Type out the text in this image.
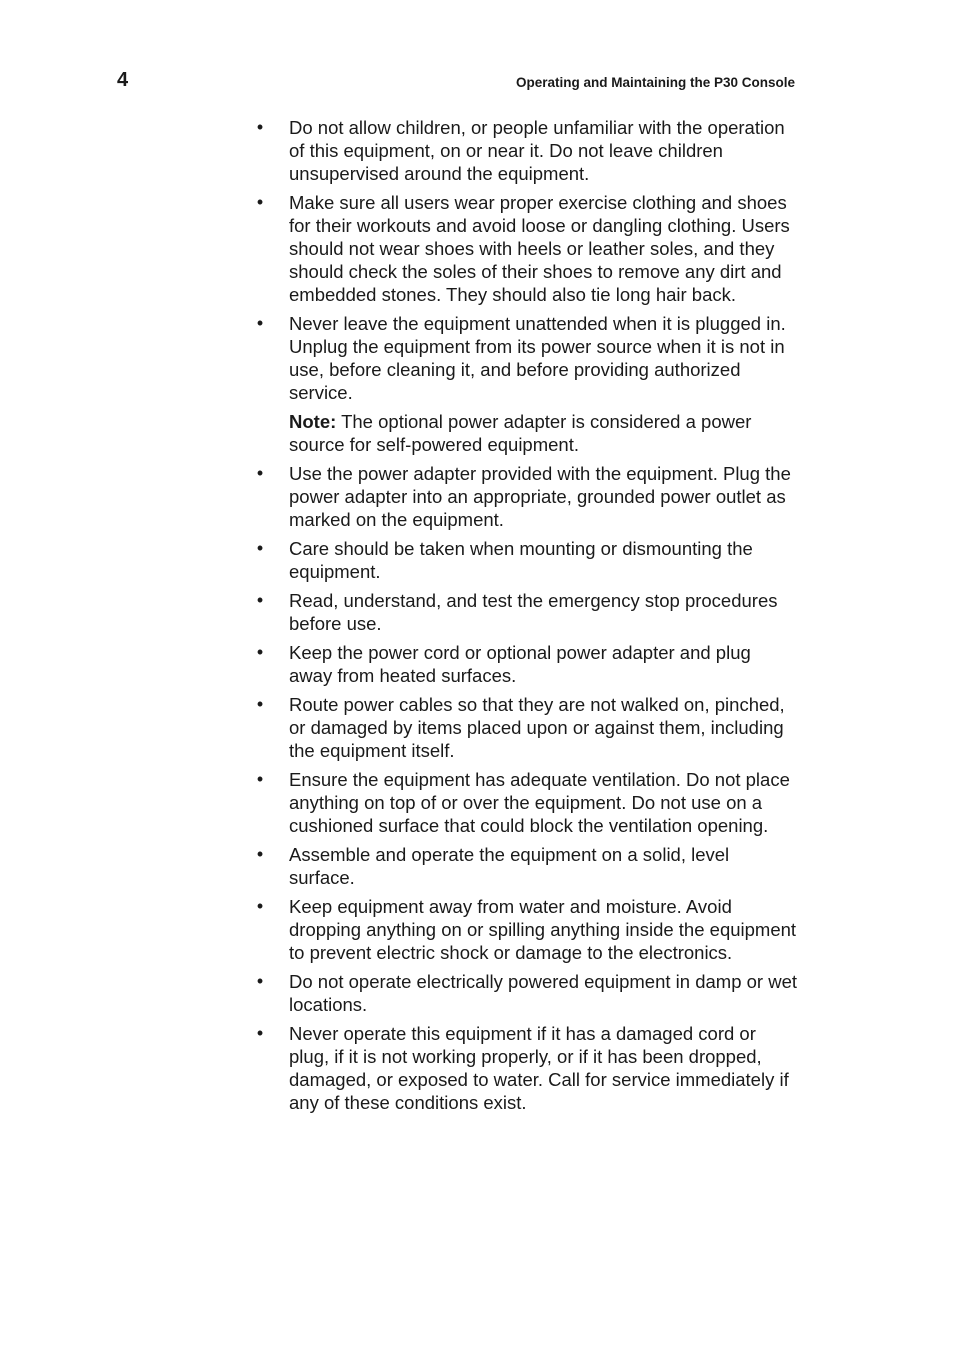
4	Operating and Maintaining the P30 Console
• Do not allow children, or people unfamiliar with the operation of this equipment, on or near it. Do not leave children unsupervised around the equipment.
• Make sure all users wear proper exercise clothing and shoes for their workouts and avoid loose or dangling clothing. Users should not wear shoes with heels or leather soles, and they should check the soles of their shoes to remove any dirt and embedded stones. They should also tie long hair back.
• Never leave the equipment unattended when it is plugged in. Unplug the equipment from its power source when it is not in use, before cleaning it, and before providing authorized service.

Note: The optional power adapter is considered a power source for self-powered equipment.

• Use the power adapter provided with the equipment. Plug the power adapter into an appropriate, grounded power outlet as marked on the equipment.
• Care should be taken when mounting or dismounting the equipment.
• Read, understand, and test the emergency stop procedures before use.
• Keep the power cord or optional power adapter and plug away from heated surfaces.
• Route power cables so that they are not walked on, pinched, or damaged by items placed upon or against them, including the equipment itself.
• Ensure the equipment has adequate ventilation. Do not place anything on top of or over the equipment. Do not use on a cushioned surface that could block the ventilation opening.
• Assemble and operate the equipment on a solid, level surface.
• Keep equipment away from water and moisture. Avoid dropping anything on or spilling anything inside the equipment to prevent electric shock or damage to the electronics.
• Do not operate electrically powered equipment in damp or wet locations.
• Never operate this equipment if it has a damaged cord or plug, if it is not working properly, or if it has been dropped, damaged, or exposed to water. Call for service immediately if any of these conditions exist.
